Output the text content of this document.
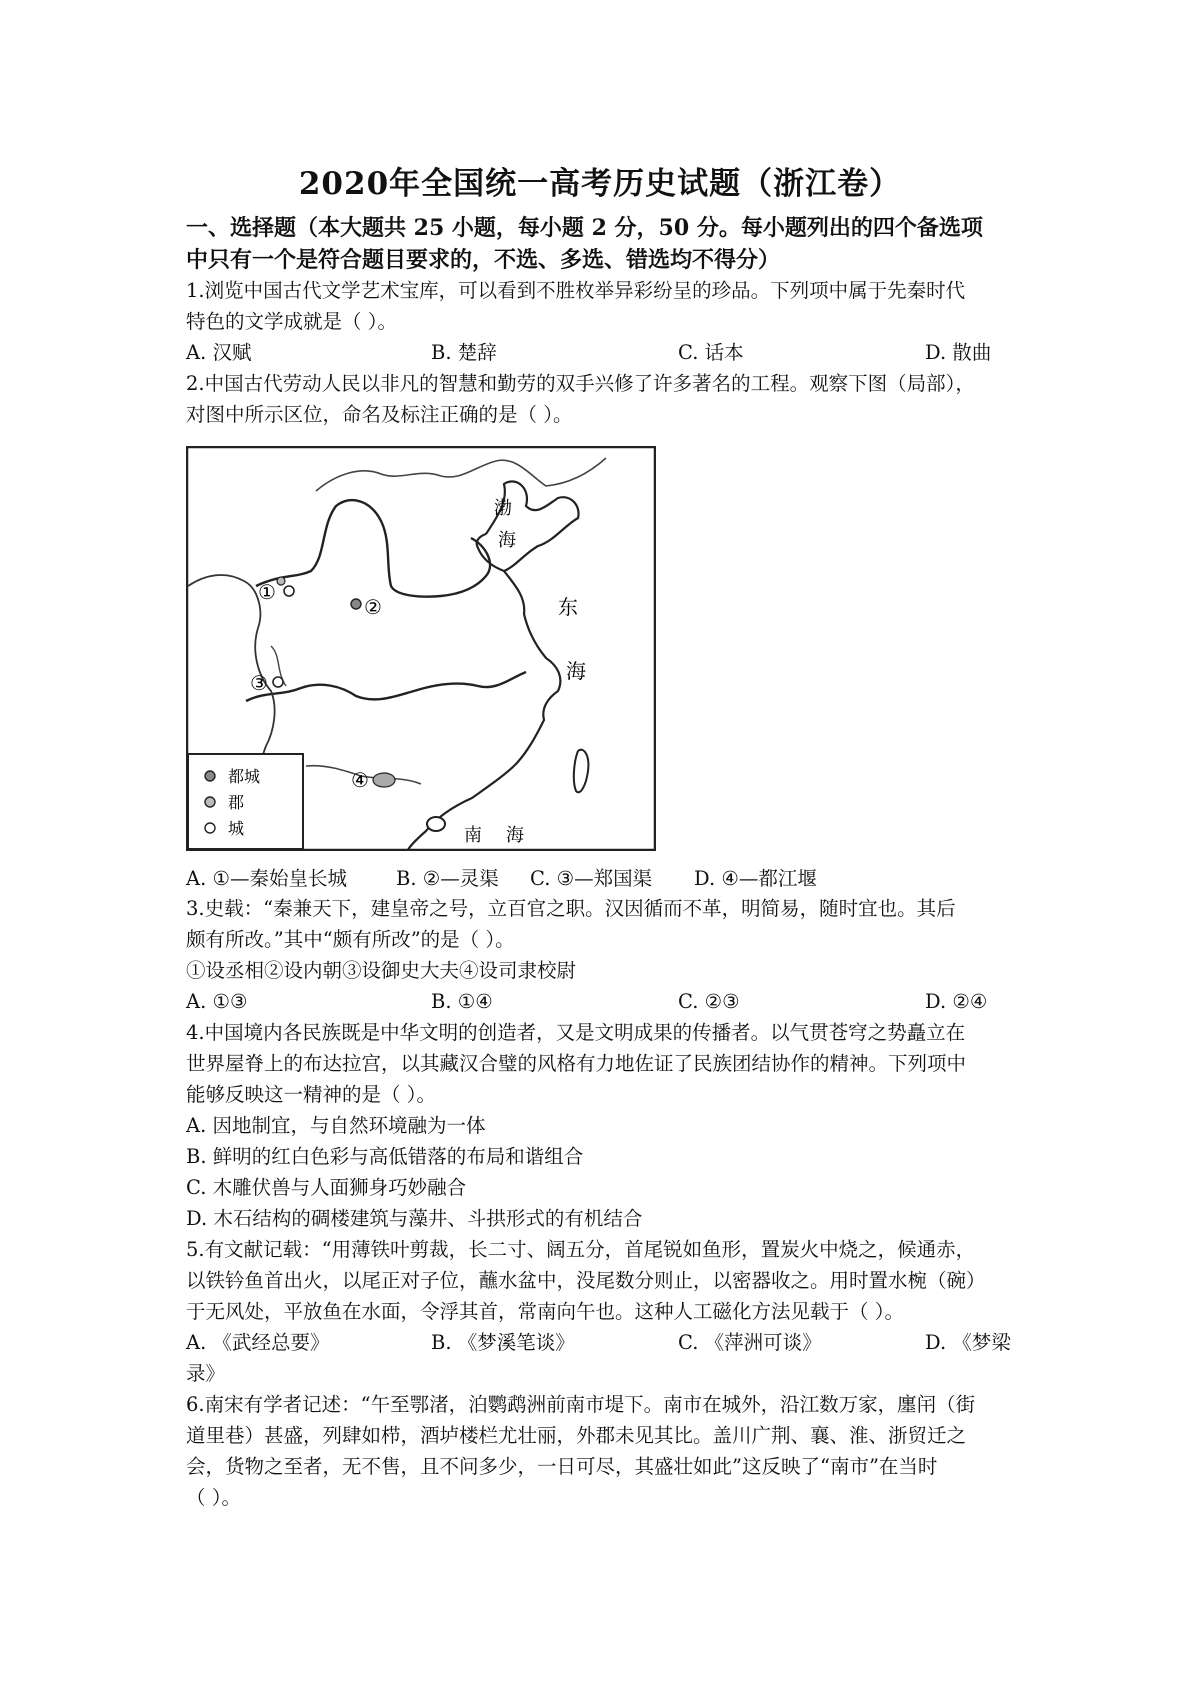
2020年全国统一高考历史试题（浙江卷）
一、选择题（本大题共 25 小题，每小题 2 分，50 分。每小题列出的四个备选项
中只有一个是符合题目要求的，不选、多选、错选均不得分）
1.浏览中国古代文学艺术宝库，可以看到不胜枚举异彩纷呈的珍品。下列项中属于先秦时代
特色的文学成就是（ ）。
A. 汉赋	B. 楚辞	C. 话本	D. 散曲
2.中国古代劳动人民以非凡的智慧和勤劳的双手兴修了许多著名的工程。观察下图（局部），
对图中所示区位，命名及标注正确的是（ ）。
①
②
③
④
渤
海
东
海
南 海
都城
郡
城
A. ①—秦始皇长城	B. ②—灵渠 C. ③—郑国渠 D. ④—都江堰
3.史载：“秦兼天下，建皇帝之号，立百官之职。汉因循而不革，明简易，随时宜也。其后
颇有所改。”其中“颇有所改”的是（ ）。
①设丞相②设内朝③设御史大夫④设司隶校尉
A. ①③	B. ①④	C. ②③	D. ②④
4.中国境内各民族既是中华文明的创造者，又是文明成果的传播者。以气贯苍穹之势矗立在
世界屋脊上的布达拉宫，以其藏汉合璧的风格有力地佐证了民族团结协作的精神。下列项中
能够反映这一精神的是（ ）。
A. 因地制宜，与自然环境融为一体
B. 鲜明的红白色彩与高低错落的布局和谐组合
C. 木雕伏兽与人面狮身巧妙融合
D. 木石结构的碉楼建筑与藻井、斗拱形式的有机结合
5.有文献记载：“用薄铁叶剪裁，长二寸、阔五分，首尾锐如鱼形，置炭火中烧之，候通赤，
以铁钤鱼首出火，以尾正对子位，蘸水盆中，没尾数分则止，以密器收之。用时置水椀（碗）
于无风处，平放鱼在水面，令浮其首，常南向午也。这种人工磁化方法见载于（ ）。
A. 《武经总要》	B. 《梦溪笔谈》	C. 《萍洲可谈》	D. 《梦梁
录》
6.南宋有学者记述：“午至鄂渚，泊鹦鹉洲前南市堤下。南市在城外，沿江数万家，廛闬（街
道里巷）甚盛，列肆如栉，酒垆楼栏尤壮丽，外郡未见其比。盖川广荆、襄、淮、浙贸迁之
会，货物之至者，无不售，且不问多少，一日可尽，其盛壮如此”这反映了“南市”在当时
（ ）。
